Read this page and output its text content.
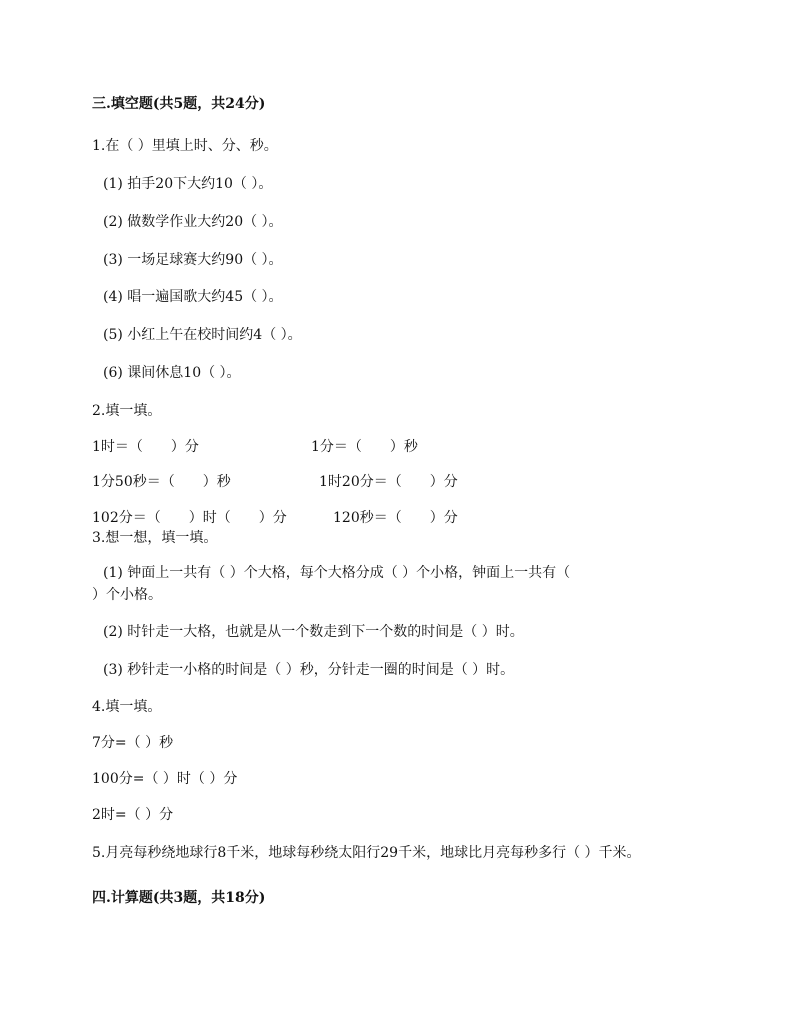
三.填空题(共5题，共24分)
1.在（ ）里填上时、分、秒。
(1) 拍手20下大约10（ ）。
(2) 做数学作业大约20（ ）。
(3) 一场足球赛大约90（ ）。
(4) 唱一遍国歌大约45（ ）。
(5) 小红上午在校时间约4（ ）。
(6) 课间休息10（ ）。
2.填一填。
1时＝（　　）分	1分＝（　　）秒
1分50秒＝（　　）秒	1时20分＝（　　）分
102分＝（　　）时（　　）分	120秒＝（　　）分
3.想一想，填一填。
(1) 钟面上一共有（ ）个大格，每个大格分成（ ）个小格，钟面上一共有（
）个小格。
(2) 时针走一大格，也就是从一个数走到下一个数的时间是（ ）时。
(3) 秒针走一小格的时间是（ ）秒，分针走一圈的时间是（ ）时。
4.填一填。
7分=（ ）秒
100分=（ ）时（ ）分
2时=（ ）分
5.月亮每秒绕地球行8千米，地球每秒绕太阳行29千米，地球比月亮每秒多行（ ）千米。
四.计算题(共3题，共18分)
